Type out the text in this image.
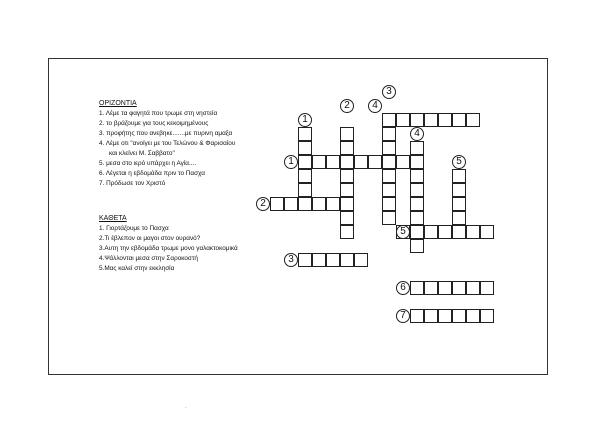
ΟΡΙΖΟΝΤΙΑ
1. Λέμε τα φαγητά που τρωμε στη νηστεία
2. το βράζουμε για τους κεκοιμημένους
3. προφήτης που ανεβηκε.......με πυρινη αμαξα
4. Λέμε οτι "ανοίγει με του Τελώνου & Φαρισαίου
και κλείνει Μ. Σαββατο"
5. μεσα στο ιερό υπάρχει η Αγία....
6. Λέγεται η εβδομάδα πριν το Πασχα
7. Πρόδωσε τον Χριστό
ΚΑΘΕΤΑ
1. Γιορτάζουμε το Πασχα
2.Τι έβλεπον οι μαγοι στον ουρανό?
3.Αυτη την εβδομάδα τρωμε μονο γαλακτοκομικά
4.Ψάλλονται μεσα στην Σαροκοστή
5.Μας καλεί στην εκκλησία
1
2
3
4
4
5
1
2
3
5
6
7
.
